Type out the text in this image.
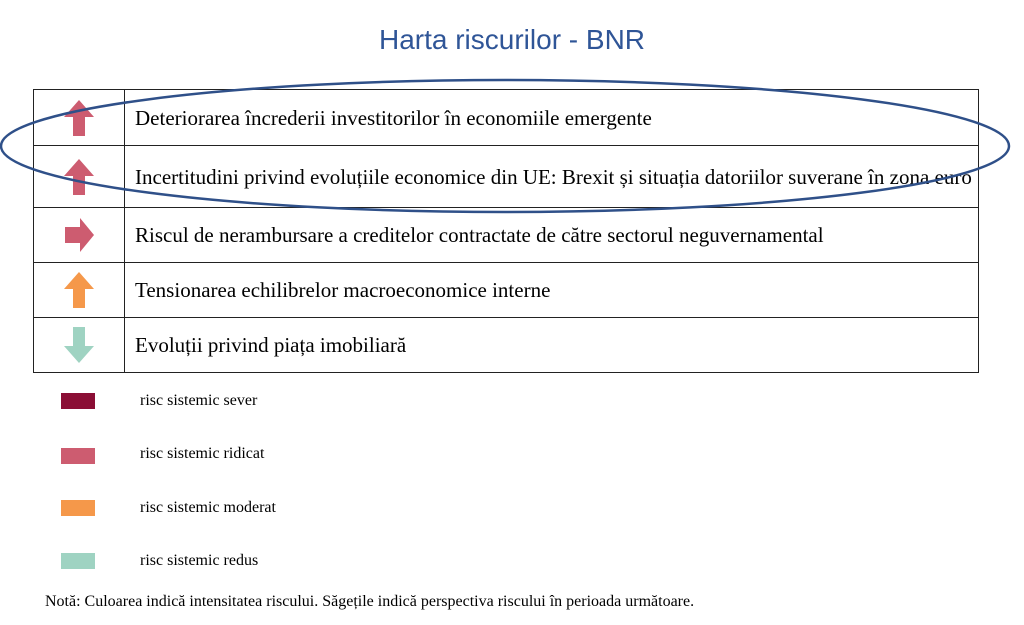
Harta riscurilor - BNR
	Deteriorarea încrederii investitorilor în economiile emergente
	Incertitudini privind evoluțiile economice din UE: Brexit și situația datoriilor suverane în zona euro
	Riscul de nerambursare a creditelor contractate de către sectorul neguvernamental
	Tensionarea echilibrelor macroeconomice interne
	Evoluții privind piața imobiliară
risc sistemic sever
risc sistemic ridicat
risc sistemic moderat
risc sistemic redus
Notă: Culoarea indică intensitatea riscului. Săgețile indică perspectiva riscului în perioada următoare.
